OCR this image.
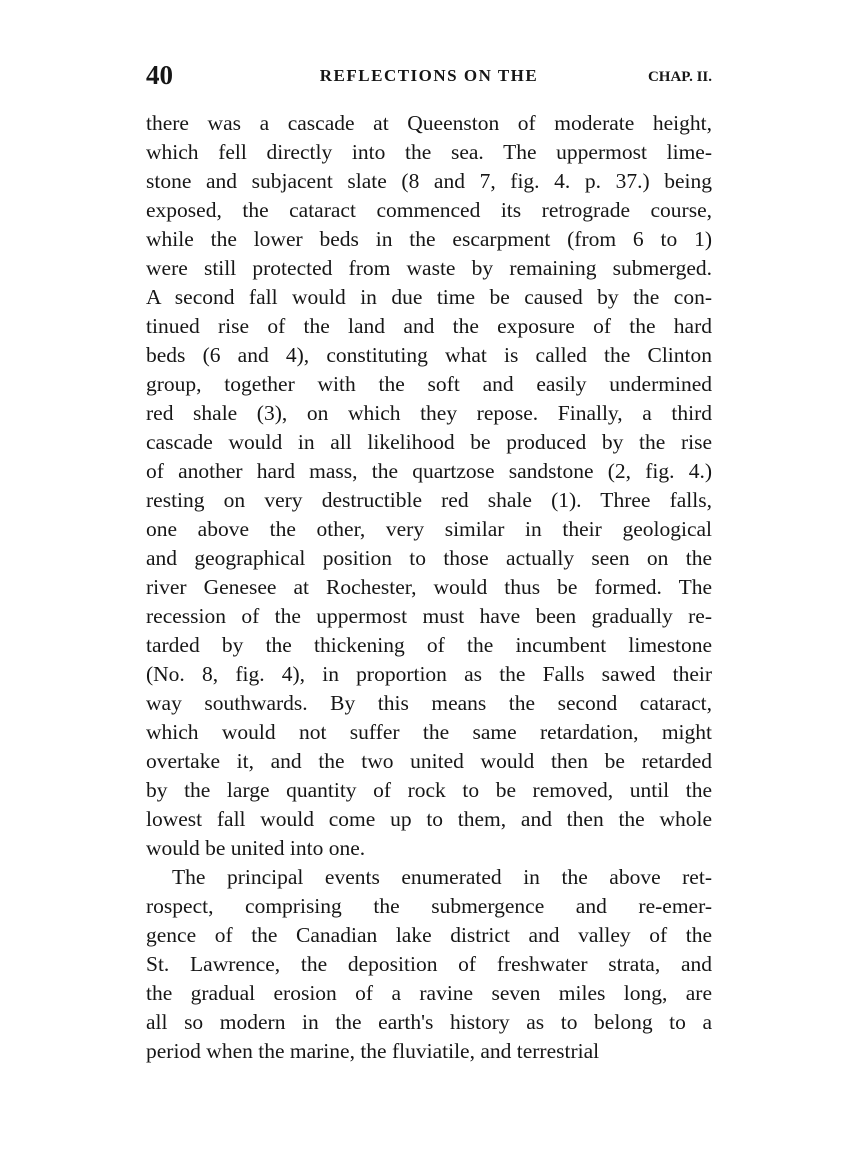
40	REFLECTIONS ON THE	CHAP. II.
there was a cascade at Queenston of moderate height,
which fell directly into the sea. The uppermost lime-
stone and subjacent slate (8 and 7, fig. 4. p. 37.) being
exposed, the cataract commenced its retrograde course,
while the lower beds in the escarpment (from 6 to 1)
were still protected from waste by remaining submerged.
A second fall would in due time be caused by the con-
tinued rise of the land and the exposure of the hard
beds (6 and 4), constituting what is called the Clinton
group, together with the soft and easily undermined
red shale (3), on which they repose. Finally, a third
cascade would in all likelihood be produced by the rise
of another hard mass, the quartzose sandstone (2, fig. 4.)
resting on very destructible red shale (1). Three falls,
one above the other, very similar in their geological
and geographical position to those actually seen on the
river Genesee at Rochester, would thus be formed. The
recession of the uppermost must have been gradually re-
tarded by the thickening of the incumbent limestone
(No. 8, fig. 4), in proportion as the Falls sawed their
way southwards. By this means the second cataract,
which would not suffer the same retardation, might
overtake it, and the two united would then be retarded
by the large quantity of rock to be removed, until the
lowest fall would come up to them, and then the whole
would be united into one.
The principal events enumerated in the above ret-
rospect, comprising the submergence and re-emer-
gence of the Canadian lake district and valley of the
St. Lawrence, the deposition of freshwater strata, and
the gradual erosion of a ravine seven miles long, are
all so modern in the earth's history as to belong to a
period when the marine, the fluviatile, and terrestrial
